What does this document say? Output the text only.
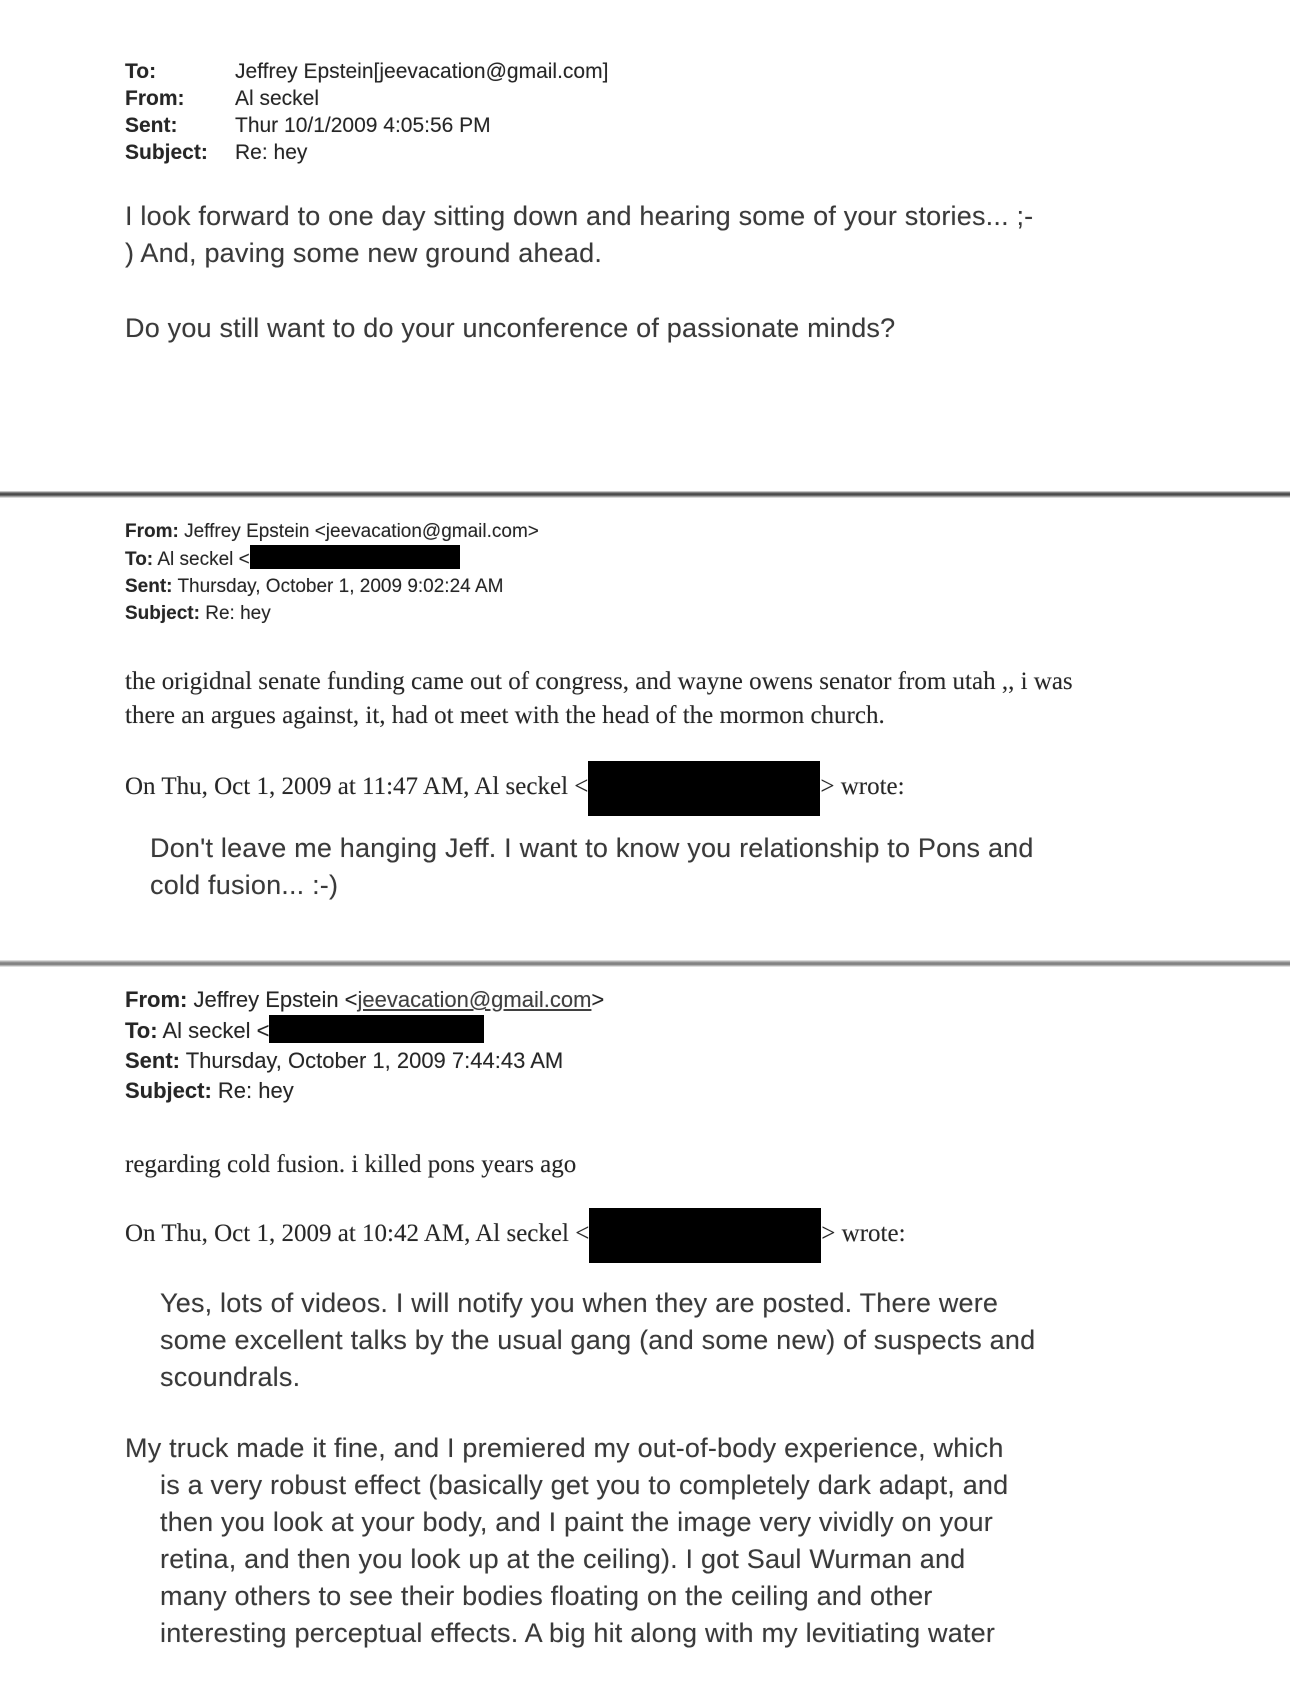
To:	Jeffrey Epstein[jeevacation@gmail.com]
From:	Al seckel
Sent:	Thur 10/1/2009 4:05:56 PM
Subject:	Re: hey
I look forward to one day sitting down and hearing some of your stories... ;-
) And, paving some new ground ahead.
Do you still want to do your unconference of passionate minds?
From: Jeffrey Epstein <jeevacation@gmail.com>
To: Al seckel <
Sent: Thursday, October 1, 2009 9:02:24 AM
Subject: Re: hey
the origidnal senate funding came out of congress, and wayne owens senator from utah ,, i was
there an argues against, it, had ot meet with the head of the mormon church.
On Thu, Oct 1, 2009 at 11:47 AM, Al seckel <	> wrote:
Don't leave me hanging Jeff. I want to know you relationship to Pons and
cold fusion... :-)
From: Jeffrey Epstein <jeevacation@gmail.com>
To: Al seckel <
Sent: Thursday, October 1, 2009 7:44:43 AM
Subject: Re: hey
regarding cold fusion. i killed pons years ago
On Thu, Oct 1, 2009 at 10:42 AM, Al seckel <	> wrote:
Yes, lots of videos. I will notify you when they are posted. There were
some excellent talks by the usual gang (and some new) of suspects and
scoundrals.
My truck made it fine, and I premiered my out-of-body experience, which
is a very robust effect (basically get you to completely dark adapt, and
then you look at your body, and I paint the image very vividly on your
retina, and then you look up at the ceiling). I got Saul Wurman and
many others to see their bodies floating on the ceiling and other
interesting perceptual effects. A big hit along with my levitiating water
